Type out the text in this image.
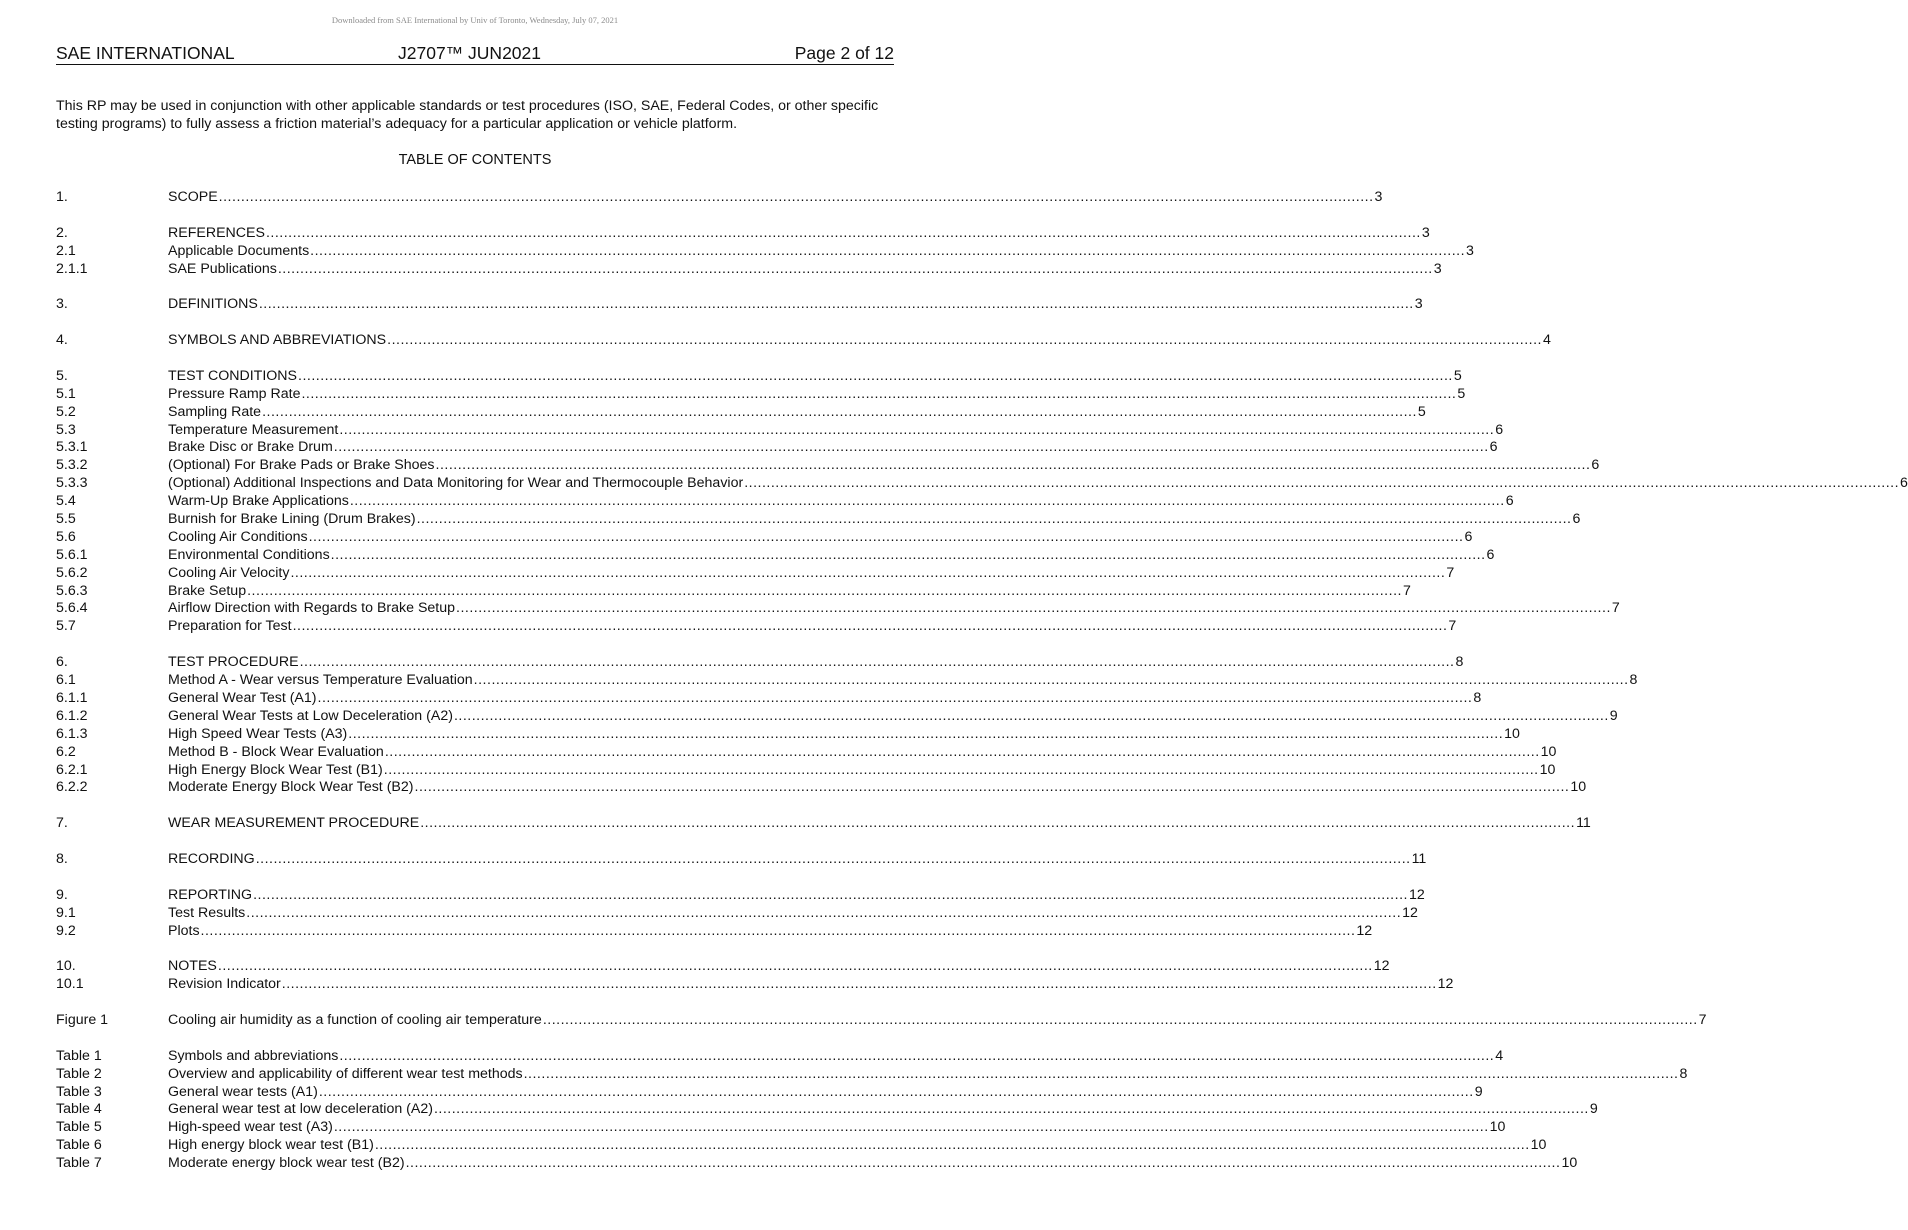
Downloaded from SAE International by Univ of Toronto, Wednesday, July 07, 2021
SAE INTERNATIONAL	J2707™ JUN2021	Page 2 of 12
This RP may be used in conjunction with other applicable standards or test procedures (ISO, SAE, Federal Codes, or other specific testing programs) to fully assess a friction material’s adequacy for a particular application or vehicle platform.
TABLE OF CONTENTS
1.	SCOPE .................................................................................................................................................................................................................................................................... 3
2.	REFERENCES .................................................................................................................................................................................................................................................................... 3
2.1	Applicable Documents .................................................................................................................................................................................................................................................................... 3
2.1.1	SAE Publications .................................................................................................................................................................................................................................................................... 3
3.	DEFINITIONS .................................................................................................................................................................................................................................................................... 3
4.	SYMBOLS AND ABBREVIATIONS .................................................................................................................................................................................................................................................................... 4
5.	TEST CONDITIONS .................................................................................................................................................................................................................................................................... 5
5.1	Pressure Ramp Rate .................................................................................................................................................................................................................................................................... 5
5.2	Sampling Rate .................................................................................................................................................................................................................................................................... 5
5.3	Temperature Measurement .................................................................................................................................................................................................................................................................... 6
5.3.1	Brake Disc or Brake Drum .................................................................................................................................................................................................................................................................... 6
5.3.2	(Optional) For Brake Pads or Brake Shoes .................................................................................................................................................................................................................................................................... 6
5.3.3	(Optional) Additional Inspections and Data Monitoring for Wear and Thermocouple Behavior .................................................................................................................................................................................................................................................................... 6
5.4	Warm-Up Brake Applications .................................................................................................................................................................................................................................................................... 6
5.5	Burnish for Brake Lining (Drum Brakes) .................................................................................................................................................................................................................................................................... 6
5.6	Cooling Air Conditions .................................................................................................................................................................................................................................................................... 6
5.6.1	Environmental Conditions .................................................................................................................................................................................................................................................................... 6
5.6.2	Cooling Air Velocity .................................................................................................................................................................................................................................................................... 7
5.6.3	Brake Setup .................................................................................................................................................................................................................................................................... 7
5.6.4	Airflow Direction with Regards to Brake Setup .................................................................................................................................................................................................................................................................... 7
5.7	Preparation for Test .................................................................................................................................................................................................................................................................... 7
6.	TEST PROCEDURE .................................................................................................................................................................................................................................................................... 8
6.1	Method A - Wear versus Temperature Evaluation .................................................................................................................................................................................................................................................................... 8
6.1.1	General Wear Test (A1) .................................................................................................................................................................................................................................................................... 8
6.1.2	General Wear Tests at Low Deceleration (A2) .................................................................................................................................................................................................................................................................... 9
6.1.3	High Speed Wear Tests (A3) .................................................................................................................................................................................................................................................................... 10
6.2	Method B - Block Wear Evaluation .................................................................................................................................................................................................................................................................... 10
6.2.1	High Energy Block Wear Test (B1) .................................................................................................................................................................................................................................................................... 10
6.2.2	Moderate Energy Block Wear Test (B2) .................................................................................................................................................................................................................................................................... 10
7.	WEAR MEASUREMENT PROCEDURE .................................................................................................................................................................................................................................................................... 11
8.	RECORDING .................................................................................................................................................................................................................................................................... 11
9.	REPORTING .................................................................................................................................................................................................................................................................... 12
9.1	Test Results .................................................................................................................................................................................................................................................................... 12
9.2	Plots .................................................................................................................................................................................................................................................................... 12
10.	NOTES .................................................................................................................................................................................................................................................................... 12
10.1	Revision Indicator .................................................................................................................................................................................................................................................................... 12
Figure 1	Cooling air humidity as a function of cooling air temperature .................................................................................................................................................................................................................................................................... 7
Table 1	Symbols and abbreviations .................................................................................................................................................................................................................................................................... 4
Table 2	Overview and applicability of different wear test methods .................................................................................................................................................................................................................................................................... 8
Table 3	General wear tests (A1) .................................................................................................................................................................................................................................................................... 9
Table 4	General wear test at low deceleration (A2) .................................................................................................................................................................................................................................................................... 9
Table 5	High-speed wear test (A3) .................................................................................................................................................................................................................................................................... 10
Table 6	High energy block wear test (B1) .................................................................................................................................................................................................................................................................... 10
Table 7	Moderate energy block wear test (B2) .................................................................................................................................................................................................................................................................... 10
